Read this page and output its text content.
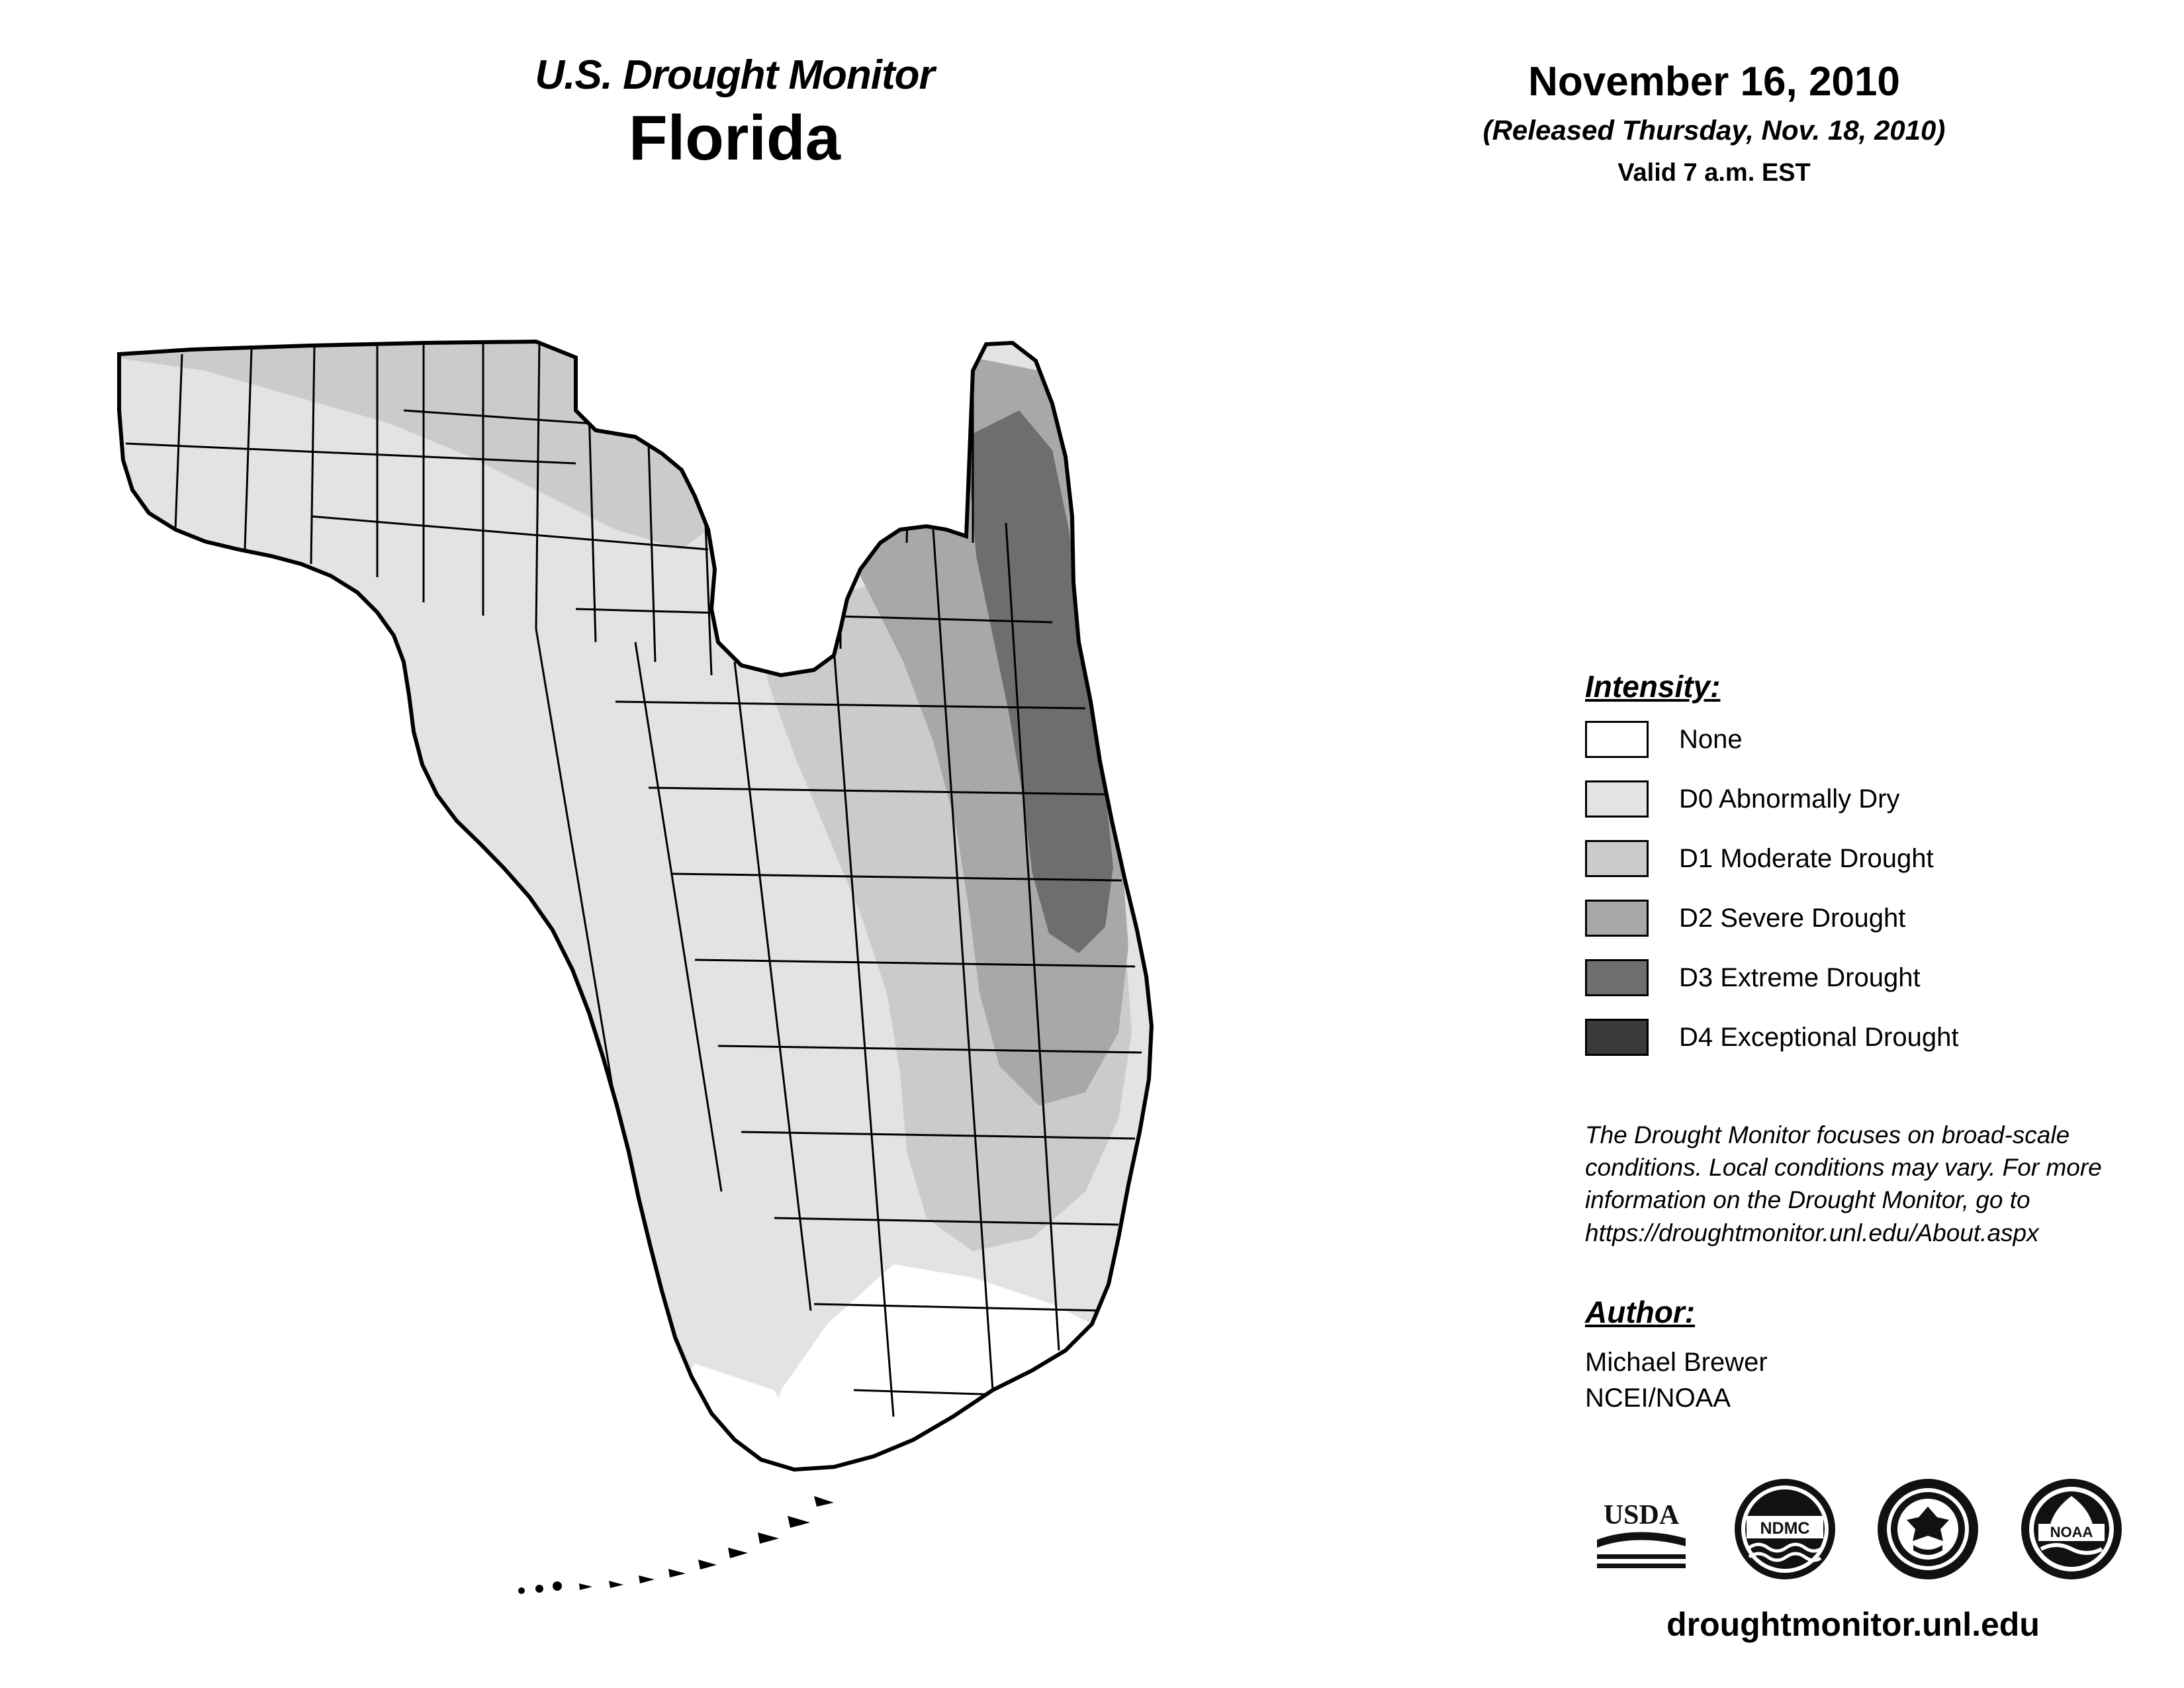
U.S. Drought Monitor
Florida
November 16, 2010
(Released Thursday, Nov. 18, 2010)
Valid 7 a.m. EST
Intensity:
None
D0 Abnormally Dry
D1 Moderate Drought
D2 Severe Drought
D3 Extreme Drought
D4 Exceptional Drought
The Drought Monitor focuses on broad-scale conditions. Local conditions may vary. For more information on the Drought Monitor, go to https://droughtmonitor.unl.edu/About.aspx
Author:
Michael Brewer
NCEI/NOAA
USDA	NDMC	NOAA
droughtmonitor.unl.edu
